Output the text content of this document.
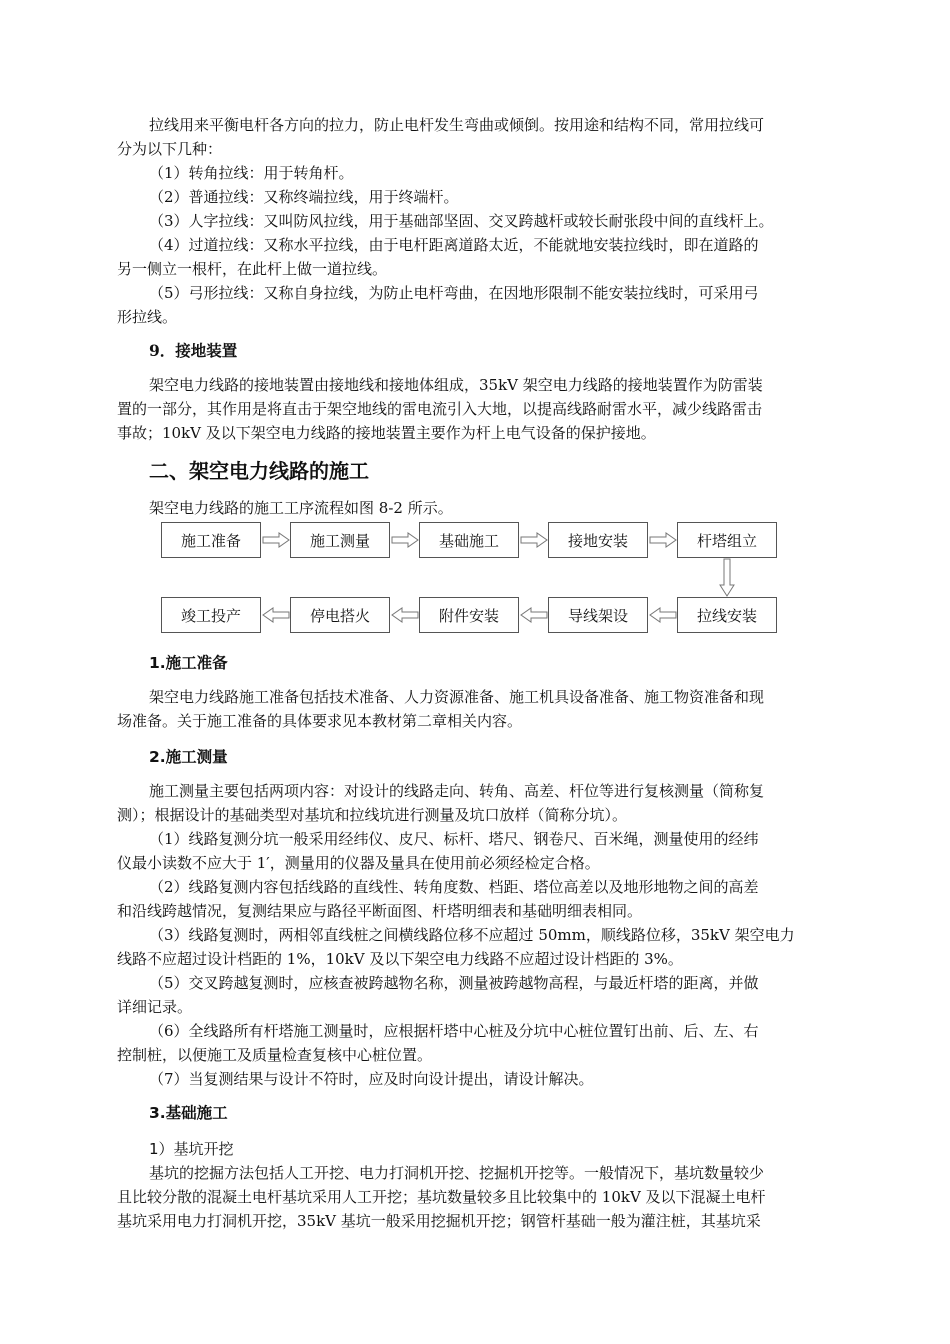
拉线用来平衡电杆各方向的拉力，防止电杆发生弯曲或倾倒。按用途和结构不同，常用拉线可
分为以下几种：
（1）转角拉线：用于转角杆。
（2）普通拉线：又称终端拉线，用于终端杆。
（3）人字拉线：又叫防风拉线，用于基础部坚固、交叉跨越杆或较长耐张段中间的直线杆上。
（4）过道拉线：又称水平拉线，由于电杆距离道路太近，不能就地安装拉线时，即在道路的
另一侧立一根杆，在此杆上做一道拉线。
（5）弓形拉线：又称自身拉线，为防止电杆弯曲，在因地形限制不能安装拉线时，可采用弓
形拉线。
9．接地装置
架空电力线路的接地装置由接地线和接地体组成，35kV 架空电力线路的接地装置作为防雷装
置的一部分，其作用是将直击于架空地线的雷电流引入大地，以提高线路耐雷水平，减少线路雷击
事故；10kV 及以下架空电力线路的接地装置主要作为杆上电气设备的保护接地。
二、架空电力线路的施工
架空电力线路的施工工序流程如图 8-2 所示。
施工准备	施工测量	基础施工	接地安装	杆塔组立
竣工投产	停电搭火	附件安装	导线架设	拉线安装
1.施工准备
架空电力线路施工准备包括技术准备、人力资源准备、施工机具设备准备、施工物资准备和现
场准备。关于施工准备的具体要求见本教材第二章相关内容。
2.施工测量
施工测量主要包括两项内容：对设计的线路走向、转角、高差、杆位等进行复核测量（简称复
测）；根据设计的基础类型对基坑和拉线坑进行测量及坑口放样（简称分坑）。
（1）线路复测分坑一般采用经纬仪、皮尺、标杆、塔尺、钢卷尺、百米绳，测量使用的经纬
仪最小读数不应大于 1′，测量用的仪器及量具在使用前必须经检定合格。
（2）线路复测内容包括线路的直线性、转角度数、档距、塔位高差以及地形地物之间的高差
和沿线跨越情况，复测结果应与路径平断面图、杆塔明细表和基础明细表相同。
（3）线路复测时，两相邻直线桩之间横线路位移不应超过 50mm，顺线路位移，35kV 架空电力
线路不应超过设计档距的 1%，10kV 及以下架空电力线路不应超过设计档距的 3%。
（5）交叉跨越复测时，应核查被跨越物名称，测量被跨越物高程，与最近杆塔的距离，并做
详细记录。
（6）全线路所有杆塔施工测量时，应根据杆塔中心桩及分坑中心桩位置钉出前、后、左、右
控制桩，以便施工及质量检查复核中心桩位置。
（7）当复测结果与设计不符时，应及时向设计提出，请设计解决。
3.基础施工
1）基坑开挖
基坑的挖掘方法包括人工开挖、电力打洞机开挖、挖掘机开挖等。一般情况下，基坑数量较少
且比较分散的混凝土电杆基坑采用人工开挖；基坑数量较多且比较集中的 10kV 及以下混凝土电杆
基坑采用电力打洞机开挖，35kV 基坑一般采用挖掘机开挖；钢管杆基础一般为灌注桩，其基坑采
